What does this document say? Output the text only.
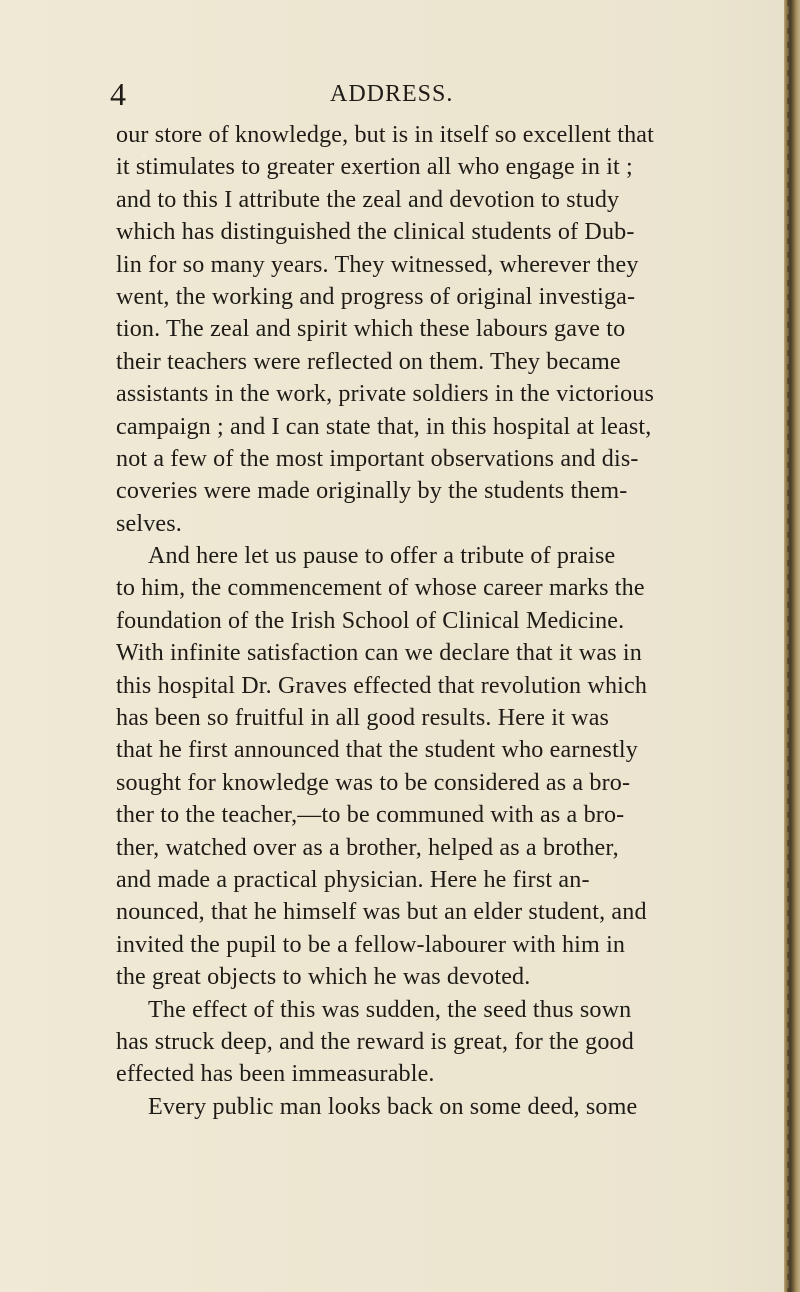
4	ADDRESS.
our store of knowledge, but is in itself so excellent that
it stimulates to greater exertion all who engage in it ;
and to this I attribute the zeal and devotion to study
which has distinguished the clinical students of Dub-
lin for so many years. They witnessed, wherever they
went, the working and progress of original investiga-
tion. The zeal and spirit which these labours gave to
their teachers were reflected on them. They became
assistants in the work, private soldiers in the victorious
campaign ; and I can state that, in this hospital at least,
not a few of the most important observations and dis-
coveries were made originally by the students them-
selves.
And here let us pause to offer a tribute of praise
to him, the commencement of whose career marks the
foundation of the Irish School of Clinical Medicine.
With infinite satisfaction can we declare that it was in
this hospital Dr. Graves effected that revolution which
has been so fruitful in all good results. Here it was
that he first announced that the student who earnestly
sought for knowledge was to be considered as a bro-
ther to the teacher,—to be communed with as a bro-
ther, watched over as a brother, helped as a brother,
and made a practical physician. Here he first an-
nounced, that he himself was but an elder student, and
invited the pupil to be a fellow-labourer with him in
the great objects to which he was devoted.
The effect of this was sudden, the seed thus sown
has struck deep, and the reward is great, for the good
effected has been immeasurable.
Every public man looks back on some deed, some
